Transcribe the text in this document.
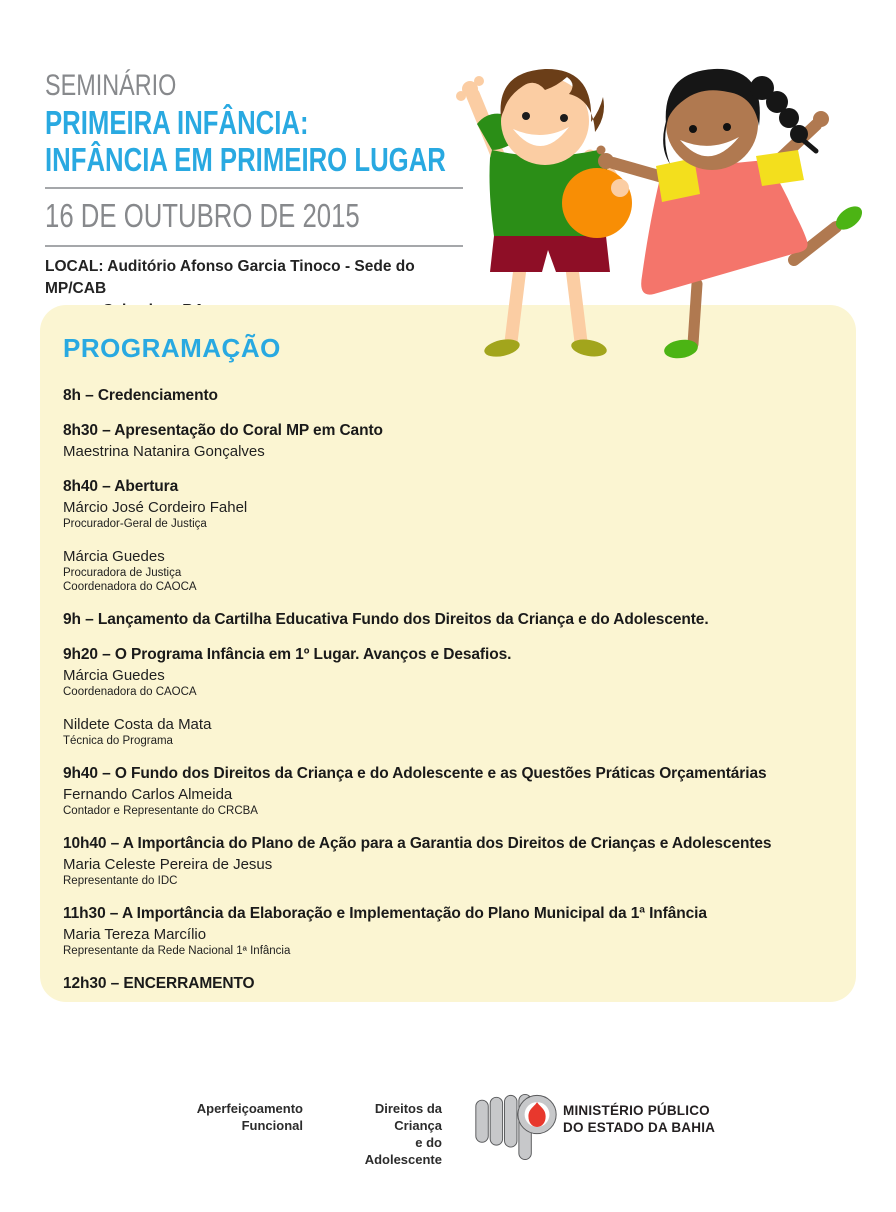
SEMINÁRIO
PRIMEIRA INFÂNCIA:
INFÂNCIA EM PRIMEIRO LUGAR
16 DE OUTUBRO DE 2015
LOCAL: Auditório Afonso Garcia Tinoco - Sede do MP/CAB
PROGRAMAÇÃO
8h – Credenciamento
8h30 – Apresentação do Coral MP em Canto
Maestrina Natanira Gonçalves
8h40 – Abertura
Márcio José Cordeiro Fahel
Procurador-Geral de Justiça
Márcia Guedes
Procuradora de Justiça
Coordenadora do CAOCA
9h – Lançamento da Cartilha Educativa Fundo dos Direitos da Criança e do Adolescente.
9h20 – O Programa Infância em 1º Lugar. Avanços e Desafios.
Márcia Guedes
Coordenadora do CAOCA
Nildete Costa da Mata
Técnica do Programa
9h40 – O Fundo dos Direitos da Criança e do Adolescente e as Questões Práticas Orçamentárias
Fernando Carlos Almeida
Contador e Representante do CRCBA
10h40 – A Importância do Plano de Ação para a Garantia dos Direitos de Crianças e Adolescentes
Maria Celeste Pereira de Jesus
Representante do IDC
11h30 – A Importância da Elaboração e Implementação do Plano Municipal da 1ª Infância
Maria Tereza Marcílio
Representante da Rede Nacional 1ª Infância
12h30 – ENCERRAMENTO
Aperfeiçoamento
Funcional
Direitos da Criança
e do Adolescente
MINISTÉRIO PÚBLICO
DO ESTADO DA BAHIA
